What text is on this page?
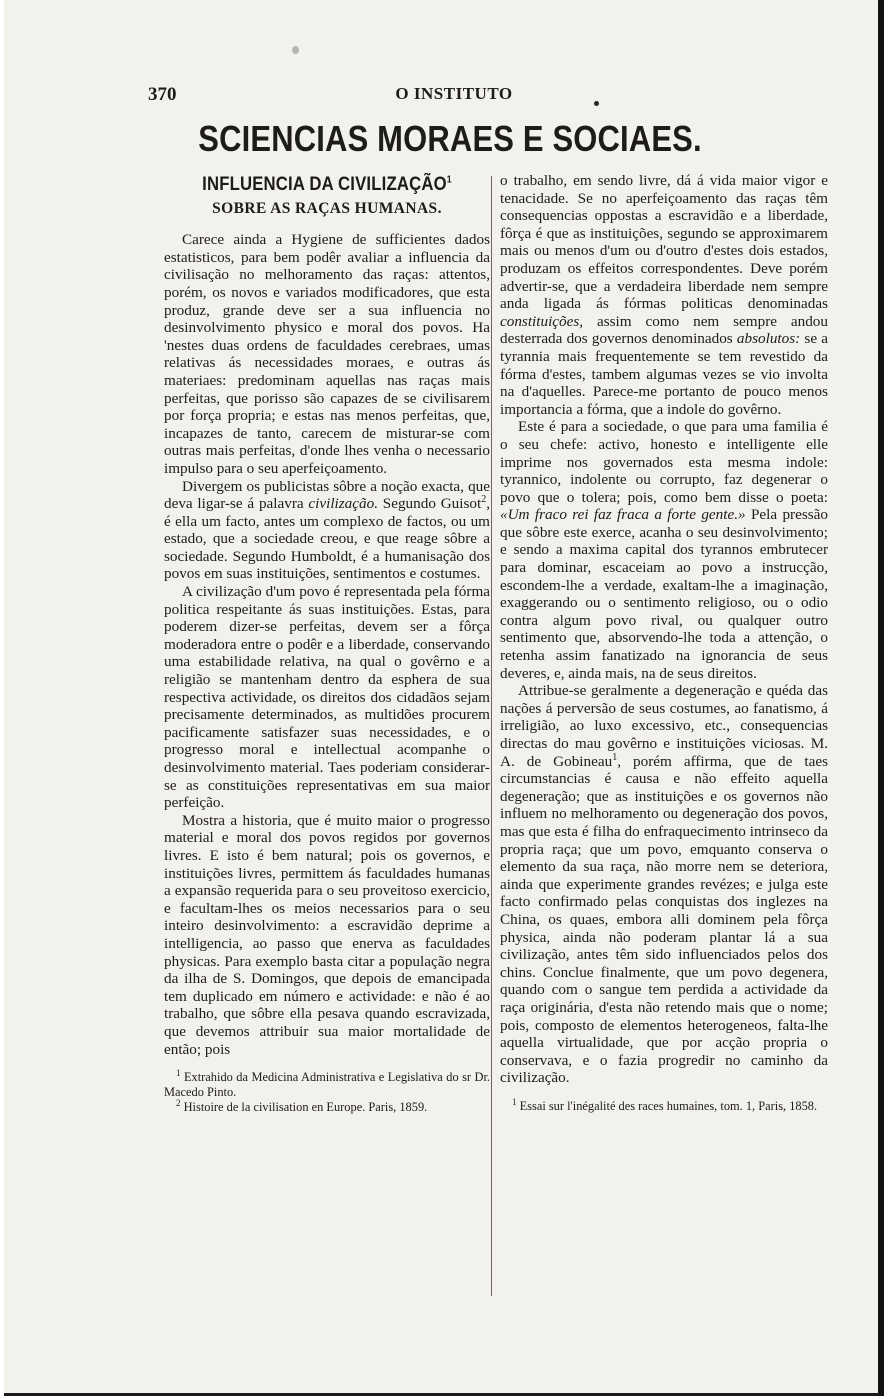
370	O INSTITUTO
SCIENCIAS MORAES E SOCIAES.
INFLUENCIA DA CIVILIZAÇÃO$^1$
SOBRE AS RAÇAS HUMANAS.

Carece ainda a Hygiene de sufficientes dados estatisticos, para bem podêr avaliar a influencia da civilisação no melhoramento das raças: attentos, porém, os novos e variados modificadores, que esta produz, grande deve ser a sua influencia no desinvolvimento physico e moral dos povos. Ha 'nestes duas ordens de faculdades cerebraes, umas relativas ás necessidades moraes, e outras ás materiaes: predominam aquellas nas raças mais perfeitas, que porisso são capazes de se civilisarem por força propria; e estas nas menos perfeitas, que, incapazes de tanto, carecem de misturar-se com outras mais perfeitas, d'onde lhes venha o necessario impulso para o seu aperfeiçoamento.

Divergem os publicistas sôbre a noção exacta, que deva ligar-se á palavra civilização. Segundo Guisot$^2$, é ella um facto, antes um complexo de factos, ou um estado, que a sociedade creou, e que reage sôbre a sociedade. Segundo Humboldt, é a humanisação dos povos em suas instituições, sentimentos e costumes.

A civilização d'um povo é representada pela fórma politica respeitante ás suas instituições. Estas, para poderem dizer-se perfeitas, devem ser a fôrça moderadora entre o podêr e a liberdade, conservando uma estabilidade relativa, na qual o govêrno e a religião se mantenham dentro da esphera de sua respectiva actividade, os direitos dos cidadãos sejam precisamente determinados, as multidões procurem pacificamente satisfazer suas necessidades, e o progresso moral e intellectual acompanhe o desinvolvimento material. Taes poderiam considerar-se as constituições representativas em sua maior perfeição.

Mostra a historia, que é muito maior o progresso material e moral dos povos regidos por governos livres. E isto é bem natural; pois os governos, e instituições livres, permittem ás faculdades humanas a expansão requerida para o seu proveitoso exercicio, e facultam-lhes os meios necessarios para o seu inteiro desinvolvimento: a escravidão deprime a intelligencia, ao passo que enerva as faculdades physicas. Para exemplo basta citar a população negra da ilha de S. Domingos, que depois de emancipada tem duplicado em número e actividade: e não é ao trabalho, que sôbre ella pesava quando escravizada, que devemos attribuir sua maior mortalidade de então; pois

$^1$ Extrahido da Medicina Administrativa e Legislativa do sr Dr. Macedo Pinto.

$^2$ Histoire de la civilisation en Europe. Paris, 1859.

o trabalho, em sendo livre, dá á vida maior vigor e tenacidade. Se no aperfeiçoamento das raças têm consequencias oppostas a escravidão e a liberdade, fôrça é que as instituições, segundo se approximarem mais ou menos d'um ou d'outro d'estes dois estados, produzam os effeitos correspondentes. Deve porém advertir-se, que a verdadeira liberdade nem sempre anda ligada ás fórmas politicas denominadas constituições, assim como nem sempre andou desterrada dos governos denominados absolutos: se a tyrannia mais frequentemente se tem revestido da fórma d'estes, tambem algumas vezes se vio involta na d'aquelles. Parece-me portanto de pouco menos importancia a fórma, que a indole do govêrno.

Este é para a sociedade, o que para uma familia é o seu chefe: activo, honesto e intelligente elle imprime nos governados esta mesma indole: tyrannico, indolente ou corrupto, faz degenerar o povo que o tolera; pois, como bem disse o poeta: «Um fraco rei faz fraca a forte gente.» Pela pressão que sôbre este exerce, acanha o seu desinvolvimento; e sendo a maxima capital dos tyrannos embrutecer para dominar, escaceiam ao povo a instrucção, escondem-lhe a verdade, exaltam-lhe a imaginação, exaggerando ou o sentimento religioso, ou o odio contra algum povo rival, ou qualquer outro sentimento que, absorvendo-lhe toda a attenção, o retenha assim fanatizado na ignorancia de seus deveres, e, ainda mais, na de seus direitos.

Attribue-se geralmente a degeneração e quéda das nações á perversão de seus costumes, ao fanatismo, á irreligião, ao luxo excessivo, etc., consequencias directas do mau govêrno e instituições viciosas. M. A. de Gobineau$^1$, porém affirma, que de taes circumstancias é causa e não effeito aquella degeneração; que as instituições e os governos não influem no melhoramento ou degeneração dos povos, mas que esta é filha do enfraquecimento intrinseco da propria raça; que um povo, emquanto conserva o elemento da sua raça, não morre nem se deteriora, ainda que experimente grandes revézes; e julga este facto confirmado pelas conquistas dos inglezes na China, os quaes, embora alli dominem pela fôrça physica, ainda não poderam plantar lá a sua civilização, antes têm sido influenciados pelos dos chins. Conclue finalmente, que um povo degenera, quando com o sangue tem perdida a actividade da raça originária, d'esta não retendo mais que o nome; pois, composto de elementos heterogeneos, falta-lhe aquella virtualidade, que por acção propria o conservava, e o fazia progredir no caminho da civilização.

$^1$ Essai sur l'inégalité des races humaines, tom. 1, Paris, 1858.
